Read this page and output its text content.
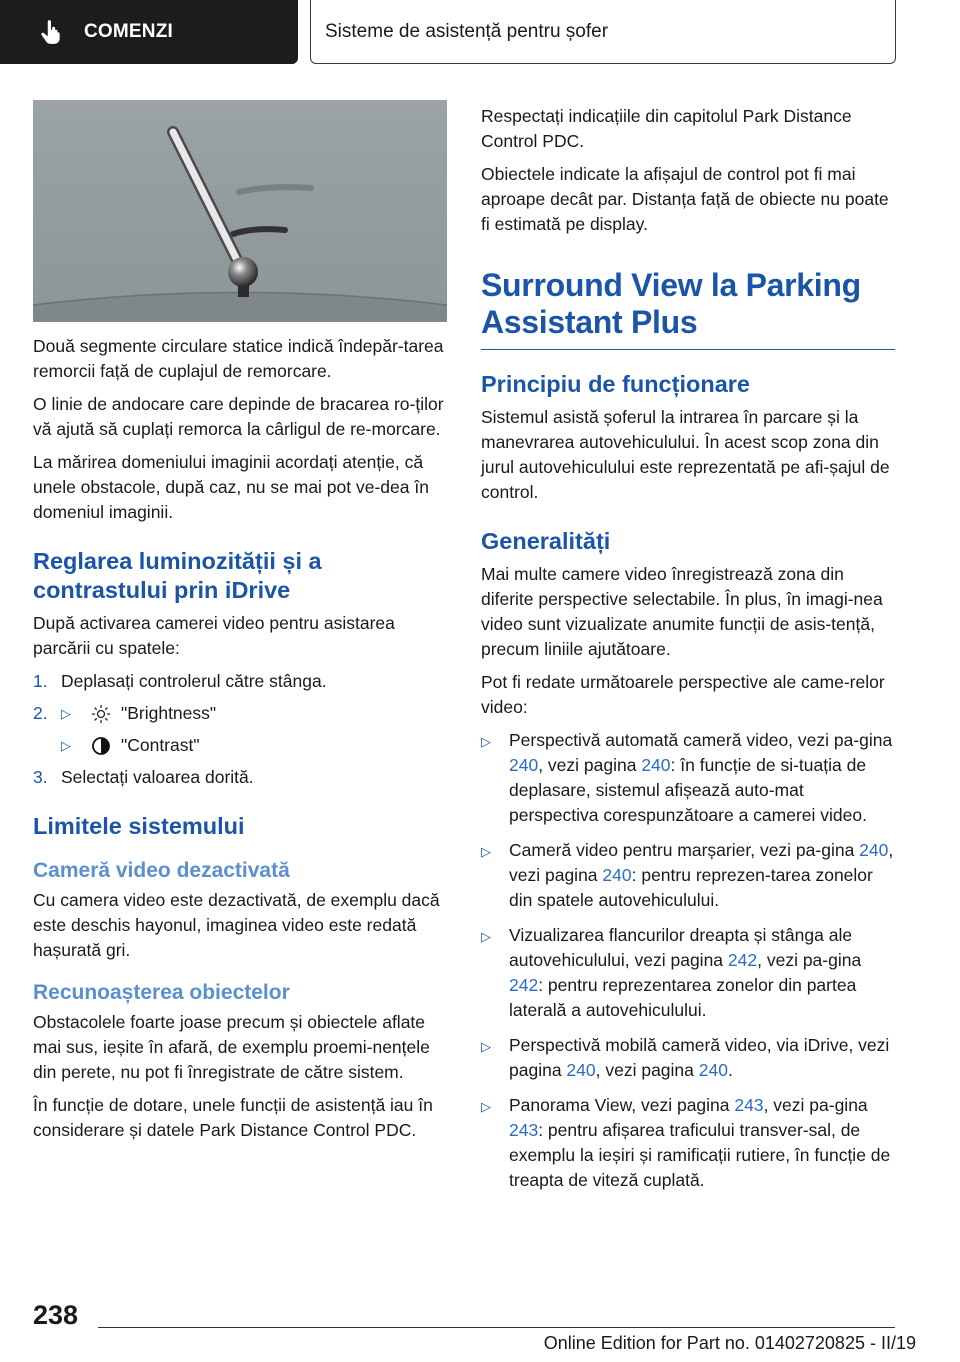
COMENZI	Sisteme de asistență pentru șofer

Două segmente circulare statice indică îndepăr-tarea remorcii față de cuplajul de remorcare.

O linie de andocare care depinde de bracarea ro-ților vă ajută să cuplați remorca la cârligul de re-morcare.

La mărirea domeniului imaginii acordați atenție, că unele obstacole, după caz, nu se mai pot ve-dea în domeniul imaginii.

Reglarea luminozității și a contrastului prin iDrive

După activarea camerei video pentru asistarea parcării cu spatele:

1. Deplasați controlerul către stânga.
2.	▷	"Brightness"
▷	"Contrast"
3. Selectați valoarea dorită.
Limitele sistemului
Cameră video dezactivată

Cu camera video este dezactivată, de exemplu dacă este deschis hayonul, imaginea video este redată hașurată gri.

Recunoașterea obiectelor

Obstacolele foarte joase precum și obiectele aflate mai sus, ieșite în afară, de exemplu proemi-nențele din perete, nu pot fi înregistrate de către sistem.

În funcție de dotare, unele funcții de asistență iau în considerare și datele Park Distance Control PDC.

Respectați indicațiile din capitolul Park Distance Control PDC.

Obiectele indicate la afișajul de control pot fi mai aproape decât par. Distanța față de obiecte nu poate fi estimată pe display.

Surround View la Parking Assistant Plus
Principiu de funcționare

Sistemul asistă șoferul la intrarea în parcare și la manevrarea autovehiculului. În acest scop zona din jurul autovehiculului este reprezentată pe afi-șajul de control.

Generalități

Mai multe camere video înregistrează zona din diferite perspective selectabile. În plus, în imagi-nea video sunt vizualizate anumite funcții de asis-tență, precum liniile ajutătoare.

Pot fi redate următoarele perspective ale came-relor video:

▷	Perspectivă automată cameră video, vezi pa-gina 240, vezi pagina 240: în funcție de si-tuația de deplasare, sistemul afișează auto-mat perspectiva corespunzătoare a camerei video.
▷	Cameră video pentru marșarier, vezi pa-gina 240, vezi pagina 240: pentru reprezen-tarea zonelor din spatele autovehiculului.
▷	Vizualizarea flancurilor dreapta și stânga ale autovehiculului, vezi pagina 242, vezi pa-gina 242: pentru reprezentarea zonelor din partea laterală a autovehiculului.
▷	Perspectivă mobilă cameră video, via iDrive, vezi pagina 240, vezi pagina 240.
▷	Panorama View, vezi pagina 243, vezi pa-gina 243: pentru afișarea traficului transver-sal, de exemplu la ieșiri și ramificații rutiere, în funcție de treapta de viteză cuplată.
238
Online Edition for Part no. 01402720825 - II/19
